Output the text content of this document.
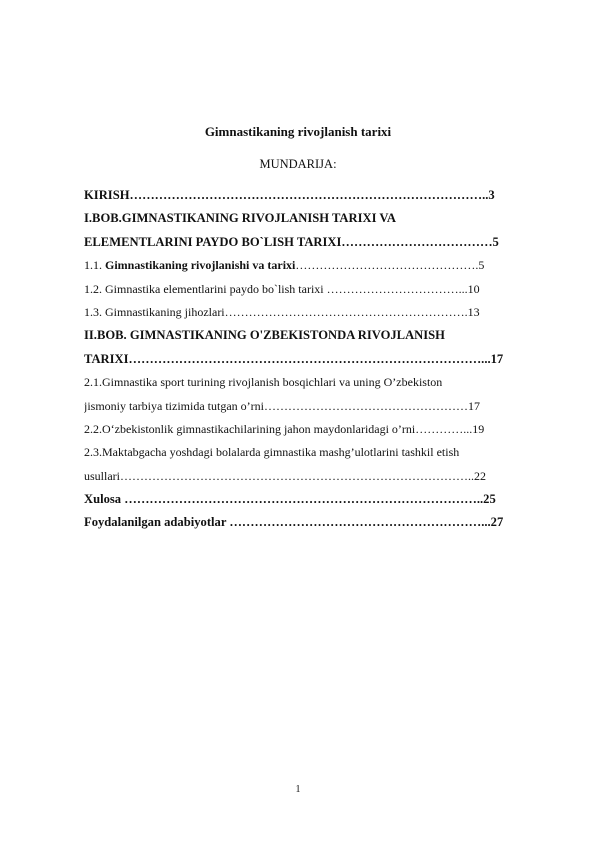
Gimnastikaning rivojlanish tarixi
MUNDARIJA:
KIRISH…………………………………………………………………………..3
I.BOB.GIMNASTIKANING RIVOJLANISH TARIXI VA
ELEMENTLARINI PAYDO BO`LISH TARIXI………………………………5
1.1. Gimnastikaning rivojlanishi va tarixi……………………………………….5
1.2. Gimnastika elementlarini paydo bo`lish tarixi ……………………………...10
1.3. Gimnastikaning jihozlari…………………………………………………….13
II.BOB. GIMNASTIKANING O'ZBEKISTONDA RIVOJLANISH
TARIXI…………………………………………………………………………...17
2.1.Gimnastika sport turining rivojlanish bosqichlari va uning O’zbekiston
jismoniy tarbiya tizimida tutgan o’rni……………………………………………17
2.2.O‘zbekistonlik gimnastikachilarining jahon maydonlaridagi o’rni…………...19
2.3.Maktabgacha yoshdagi bolalarda gimnastika mashg’ulotlarini tashkil etish
usullari……………………………………………………………………………..22
Xulosa …………………………………………………………………………..25
Foydalanilgan adabiyotlar ……………………………………………………...27
1
